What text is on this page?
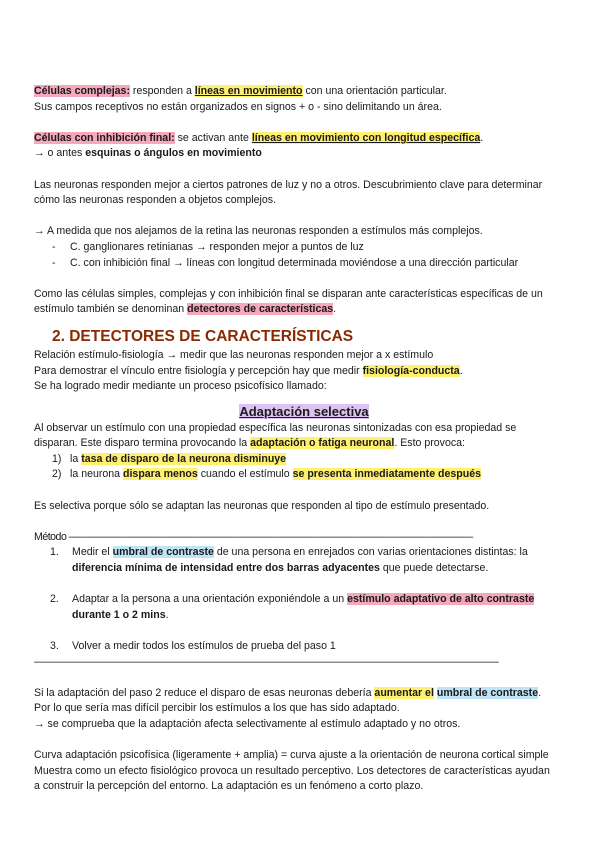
Células complejas: responden a líneas en movimiento con una orientación particular.

Sus campos receptivos no están organizados en signos + o - sino delimitando un área.

Células con inhibición final: se activan ante líneas en movimiento con longitud específica.

→ o antes esquinas o ángulos en movimiento

Las neuronas responden mejor a ciertos patrones de luz y no a otros. Descubrimiento clave para determinar

cómo las neuronas responden a objetos complejos.

→ A medida que nos alejamos de la retina las neuronas responden a estímulos más complejos.

- C. ganglionares retinianas → responden mejor a puntos de luz

- C. con inhibición final → líneas con longitud determinada moviéndose a una dirección particular

Como las células simples, complejas y con inhibición final se disparan ante características específicas de un

estímulo también se denominan detectores de características.

2. DETECTORES DE CARACTERÍSTICAS

Relación estímulo-fisiología → medir que las neuronas responden mejor a x estímulo

Para demostrar el vínculo entre fisiología y percepción hay que medir fisiología-conducta.

Se ha logrado medir mediante un proceso psicofísico llamado:

Adaptación selectiva

Al observar un estímulo con una propiedad específica las neuronas sintonizadas con esa propiedad se

disparan. Este disparo termina provocando la adaptación o fatiga neuronal. Esto provoca:

1) la tasa de disparo de la neurona disminuye

2) la neurona dispara menos cuando el estímulo se presenta inmediatamente después

Es selectiva porque sólo se adaptan las neuronas que responden al tipo de estímulo presentado.

Método ————————————————————————————————————————

1. Medir el umbral de contraste de una persona en enrejados con varias orientaciones distintas: la
diferencia mínima de intensidad entre dos barras adyacentes que puede detectarse.

2. Adaptar a la persona a una orientación exponiéndole a un estímulo adaptativo de alto contraste
durante 1 o 2 mins.

3. Volver a medir todos los estímulos de prueba del paso 1

——————————————————————————————————————————————

Si la adaptación del paso 2 reduce el disparo de esas neuronas debería aumentar el umbral de contraste.

Por lo que sería mas difícil percibir los estímulos a los que has sido adaptado.

→ se comprueba que la adaptación afecta selectivamente al estímulo adaptado y no otros.

Curva adaptación psicofísica (ligeramente + amplia) = curva ajuste a la orientación de neurona cortical simple

Muestra como un efecto fisiológico provoca un resultado perceptivo. Los detectores de características ayudan

a construir la percepción del entorno. La adaptación es un fenómeno a corto plazo.
